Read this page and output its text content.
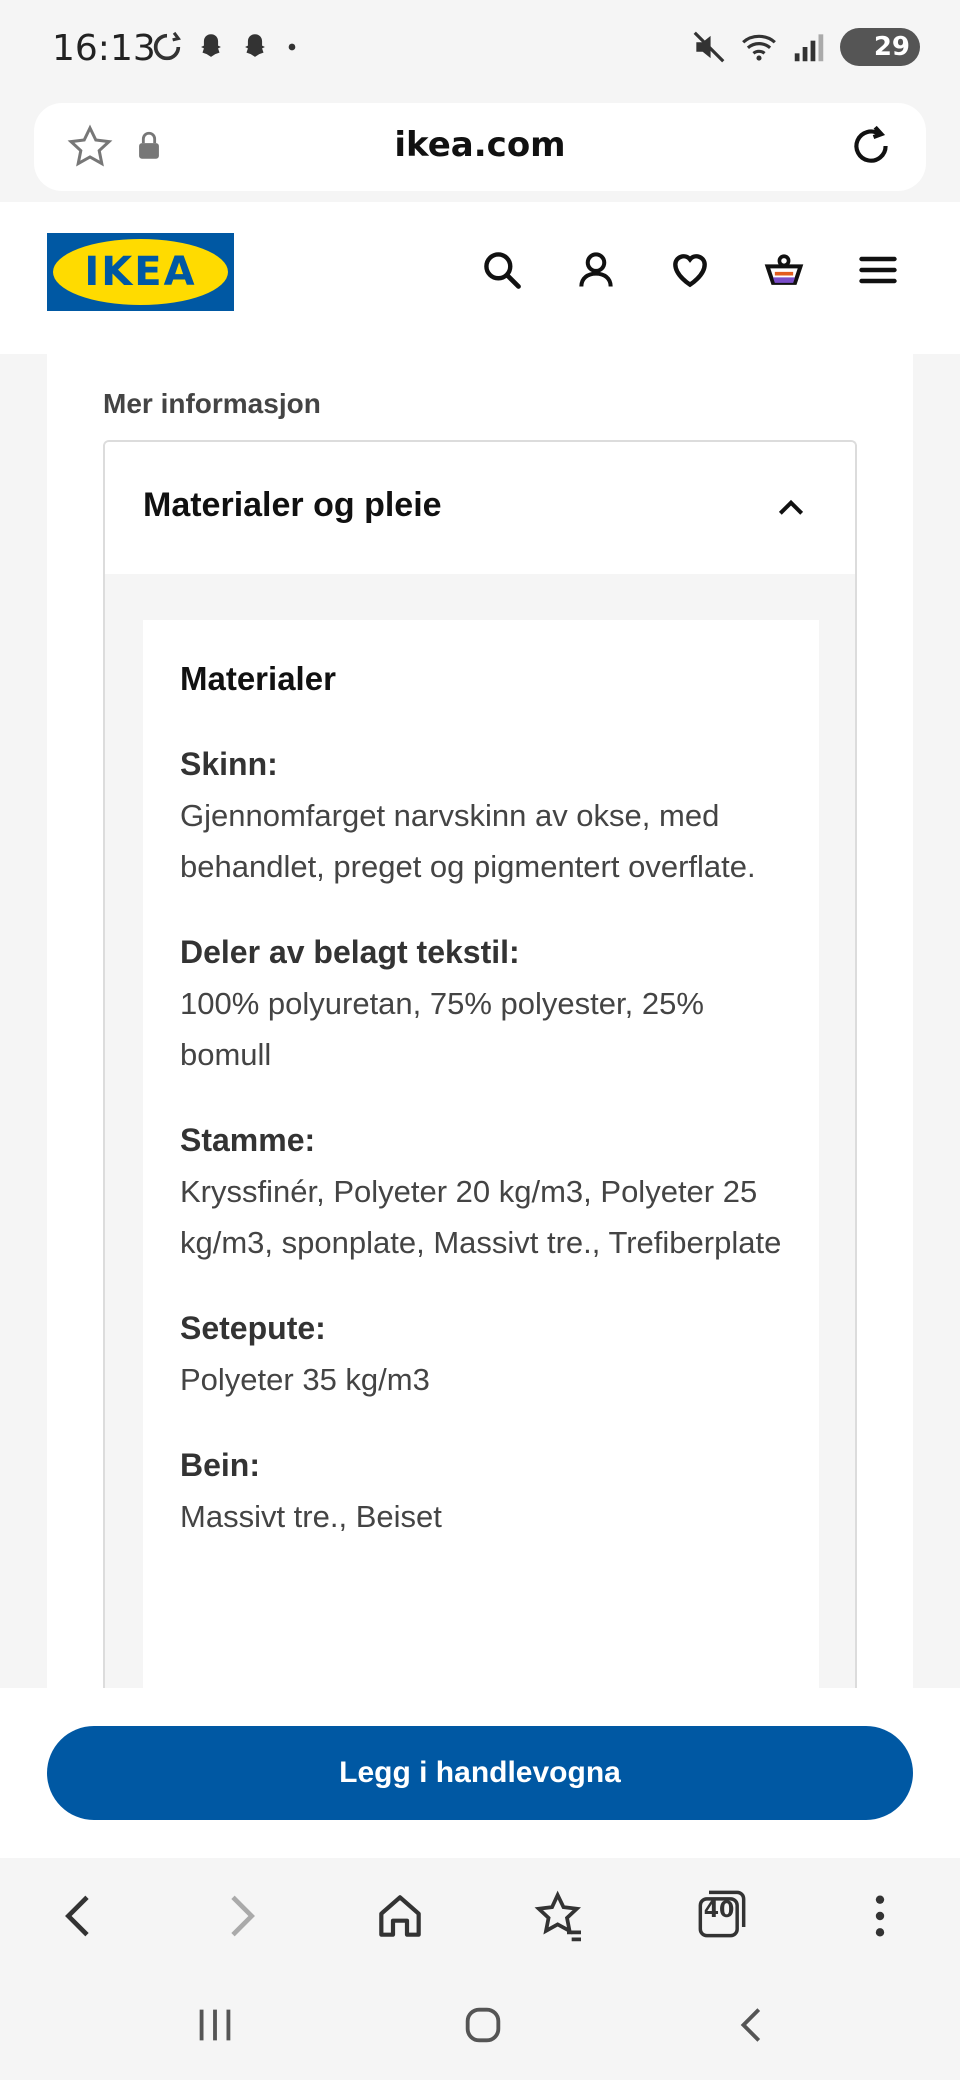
16:13	29
ikea.com
IKEA
Mer informasjon
Materialer og pleie
Materialer
Skinn:
Gjennomfarget narvskinn av okse, med behandlet, preget og pigmentert overflate.
Deler av belagt tekstil:
100% polyuretan, 75% polyester, 25% bomull
Stamme:
Kryssfinér, Polyeter 20 kg/m3, Polyeter 25 kg/m3, sponplate, Massivt tre., Trefiberplate
Setepute:
Polyeter 35 kg/m3
Bein:
Massivt tre., Beiset
Legg i handlevogna
40
